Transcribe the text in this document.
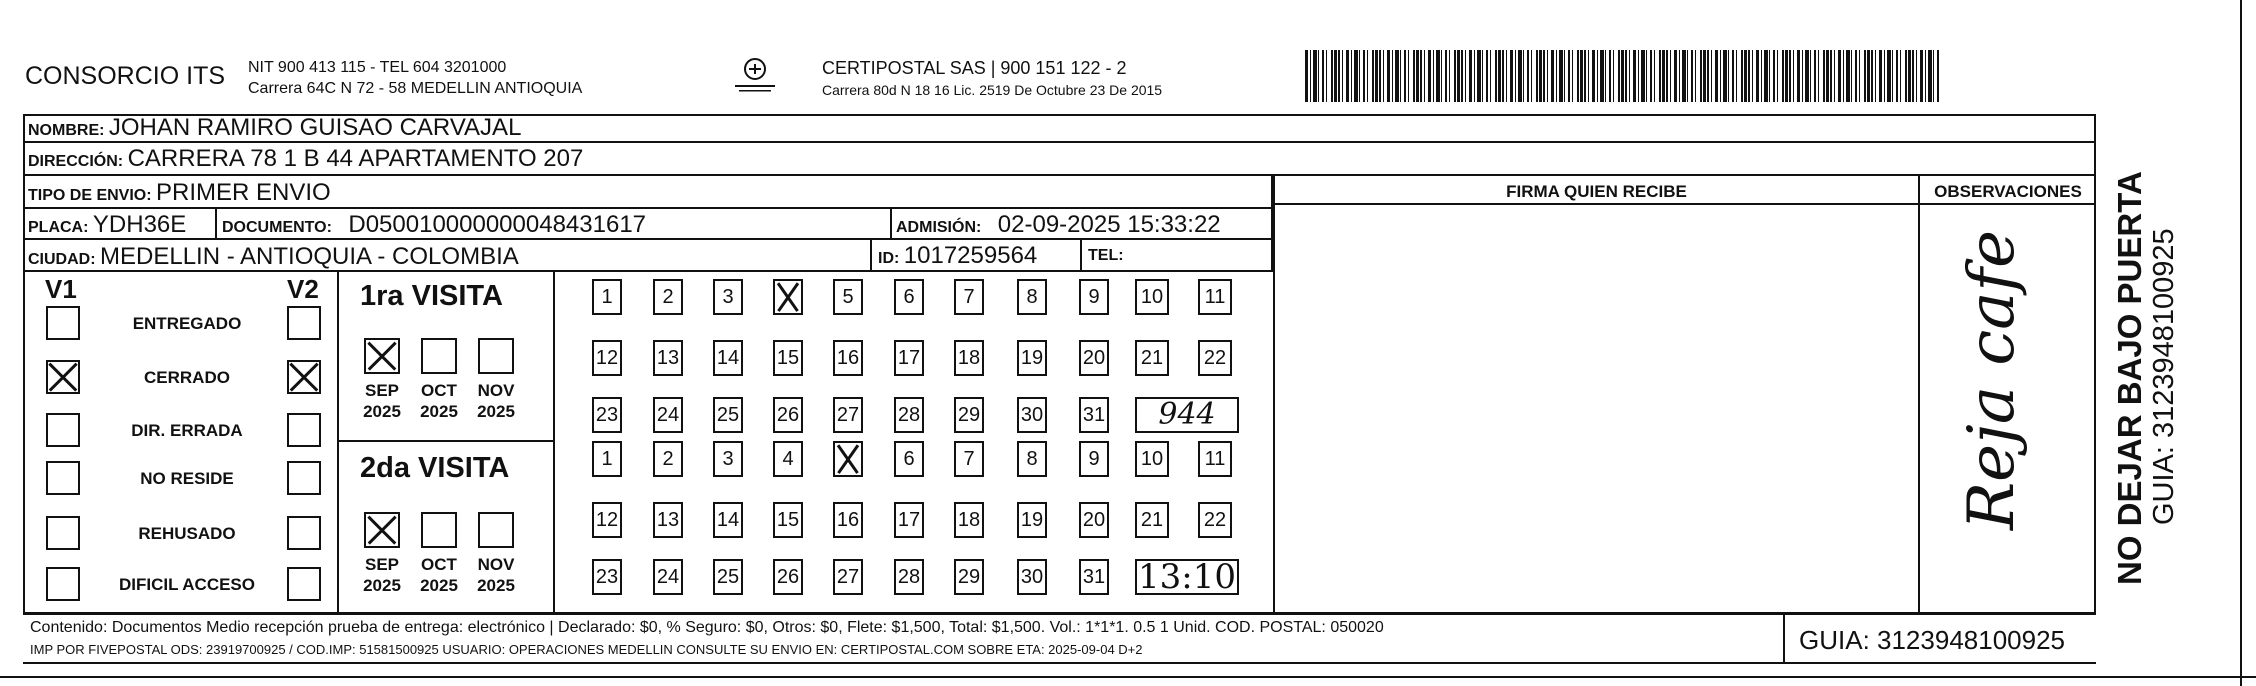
CONSORCIO ITS NIT 900 413 115 - TEL 604 3201000
Carrera 64C N 72 - 58 MEDELLIN ANTIOQUIA
CERTIPOSTAL SAS | 900 151 122 - 2
Carrera 80d N 18 16 Lic. 2519 De Octubre 23 De 2015
NOMBRE: JOHAN RAMIRO GUISAO CARVAJAL
DIRECCIÓN: CARRERA 78 1 B 44 APARTAMENTO 207
TIPO DE ENVIO: PRIMER ENVIO
PLACA: YDH36E DOCUMENTO: D050010000000048431617	ADMISIÓN: 02-09-2025 15:33:22
CIUDAD: MEDELLIN - ANTIOQUIA - COLOMBIA	ID: 1017259564	TEL:
FIRMA QUIEN RECIBE	OBSERVACIONES
Reja cafe
V1	V2 1ra VISITA
2da VISITA
944
13:10
Contenido: Documentos Medio recepción prueba de entrega: electrónico | Declarado: $0, % Seguro: $0, Otros: $0, Flete: $1,500, Total: $1,500. Vol.: 1*1*1. 0.5 1 Unid. COD. POSTAL: 050020
IMP POR FIVEPOSTAL ODS: 23919700925 / COD.IMP: 51581500925 USUARIO: OPERACIONES MEDELLIN CONSULTE SU ENVIO EN: CERTIPOSTAL.COM SOBRE ETA: 2025-09-04 D+2	GUIA: 3123948100925
NO DEJAR BAJO PUERTA GUIA: 3123948100925
ENTREGADO
CERRADO
DIR. ERRADA
NO RESIDE
REHUSADO
DIFICIL ACCESO
SEP
2025
OCT
2025
NOV
2025
SEP
2025
OCT
2025
NOV
2025
1	2	3	5	6	7	8	9	10	11
12 13 14 15 16 17 18 19 20 21 22
23 24 25 26 27 28 29 30 31
1	2	3	4	6	7	8	9	10	11
12 13 14 15 16 17 18 19 20 21 22
23 24 25 26 27 28 29 30 31
